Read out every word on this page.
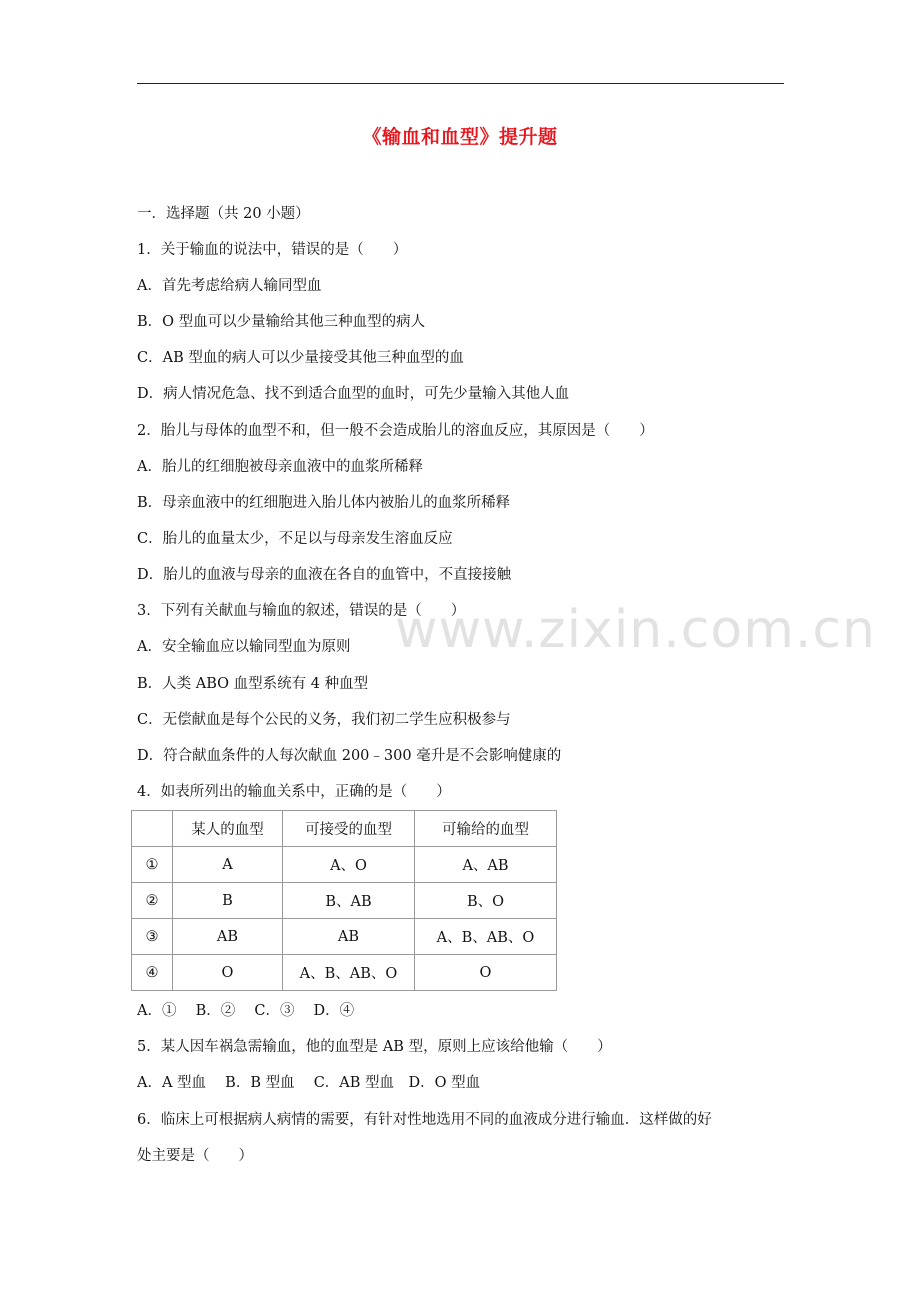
《输血和血型》提升题
www.zixin.com.cn
一．选择题（共 20 小题）
1．关于输血的说法中，错误的是（　　）
A．首先考虑给病人输同型血
B．O 型血可以少量输给其他三种血型的病人
C．AB 型血的病人可以少量接受其他三种血型的血
D．病人情况危急、找不到适合血型的血时，可先少量输入其他人血
2．胎儿与母体的血型不和，但一般不会造成胎儿的溶血反应，其原因是（　　）
A．胎儿的红细胞被母亲血液中的血浆所稀释
B．母亲血液中的红细胞进入胎儿体内被胎儿的血浆所稀释
C．胎儿的血量太少，不足以与母亲发生溶血反应
D．胎儿的血液与母亲的血液在各自的血管中，不直接接触
3．下列有关献血与输血的叙述，错误的是（　　）
A．安全输血应以输同型血为原则
B．人类 ABO 血型系统有 4 种血型
C．无偿献血是每个公民的义务，我们初二学生应积极参与
D．符合献血条件的人每次献血 200﹣300 毫升是不会影响健康的
4．如表所列出的输血关系中，正确的是（　　）
	某人的血型	可接受的血型	可输给的血型
①	A	A、O	A、AB
②	B	B、AB	B、O
③	AB	AB	A、B、AB、O
④	O	A、B、AB、O	O
A．①　 B．②　 C．③　 D．④
5．某人因车祸急需输血，他的血型是 AB 型，原则上应该给他输（　　）
A．A 型血　 B．B 型血　 C．AB 型血　D．O 型血
6．临床上可根据病人病情的需要，有针对性地选用不同的血液成分进行输血．这样做的好
处主要是（　　）
